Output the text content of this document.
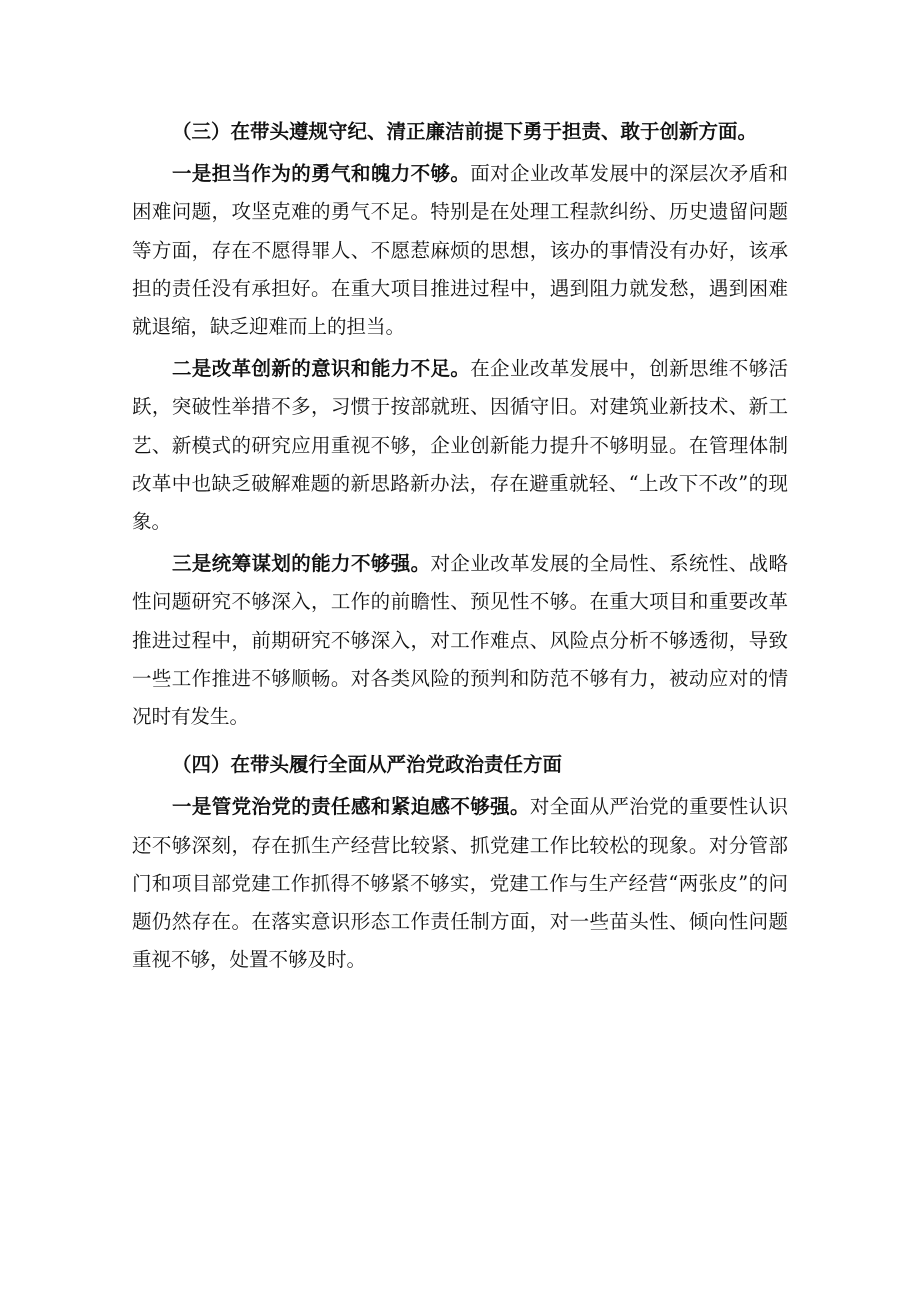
（三）在带头遵规守纪、清正廉洁前提下勇于担责、敢于创新方面。

一是担当作为的勇气和魄力不够。面对企业改革发展中的深层次矛盾和困难问题，攻坚克难的勇气不足。特别是在处理工程款纠纷、历史遗留问题等方面，存在不愿得罪人、不愿惹麻烦的思想，该办的事情没有办好，该承担的责任没有承担好。在重大项目推进过程中，遇到阻力就发愁，遇到困难就退缩，缺乏迎难而上的担当。

二是改革创新的意识和能力不足。在企业改革发展中，创新思维不够活跃，突破性举措不多，习惯于按部就班、因循守旧。对建筑业新技术、新工艺、新模式的研究应用重视不够，企业创新能力提升不够明显。在管理体制改革中也缺乏破解难题的新思路新办法，存在避重就轻、“上改下不改”的现象。

三是统筹谋划的能力不够强。对企业改革发展的全局性、系统性、战略性问题研究不够深入，工作的前瞻性、预见性不够。在重大项目和重要改革推进过程中，前期研究不够深入，对工作难点、风险点分析不够透彻，导致一些工作推进不够顺畅。对各类风险的预判和防范不够有力，被动应对的情况时有发生。

（四）在带头履行全面从严治党政治责任方面

一是管党治党的责任感和紧迫感不够强。对全面从严治党的重要性认识还不够深刻，存在抓生产经营比较紧、抓党建工作比较松的现象。对分管部门和项目部党建工作抓得不够紧不够实，党建工作与生产经营“两张皮”的问题仍然存在。在落实意识形态工作责任制方面，对一些苗头性、倾向性问题重视不够，处置不够及时。
